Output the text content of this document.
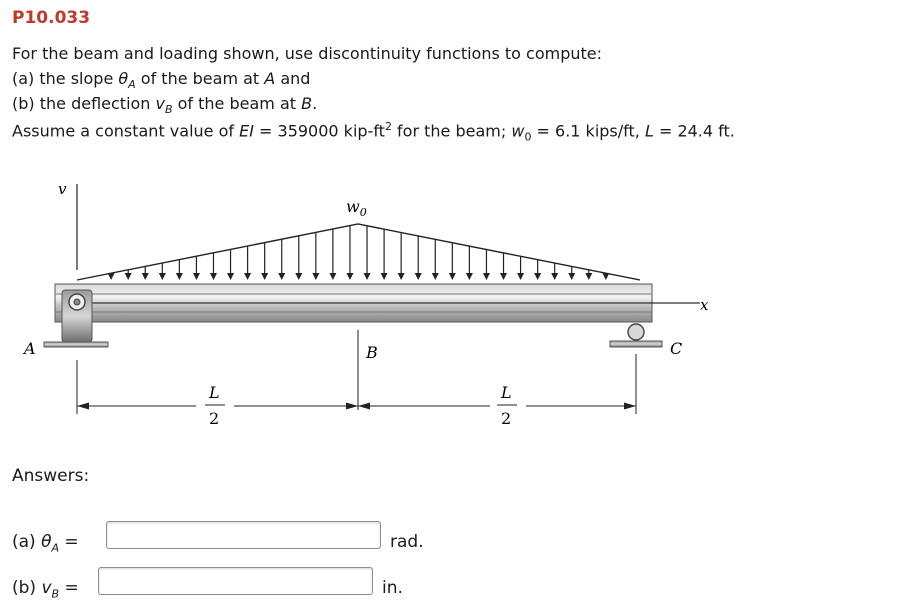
P10.033
For the beam and loading shown, use discontinuity functions to compute:
(a) the slope $\theta_A$ of the beam at A and
(b) the deflection $v_B$ of the beam at B.
Assume a constant value of EI = 359000 kip-$ft^2$ for the beam; $w_0 = 6.1$ kips/ft, L = 24.4 ft.
v
$w_0$
x
A	C
B
L
2
L
2
Answers:
(a) $\theta_A$ =	rad.
(b) $v_B$ =	in.
